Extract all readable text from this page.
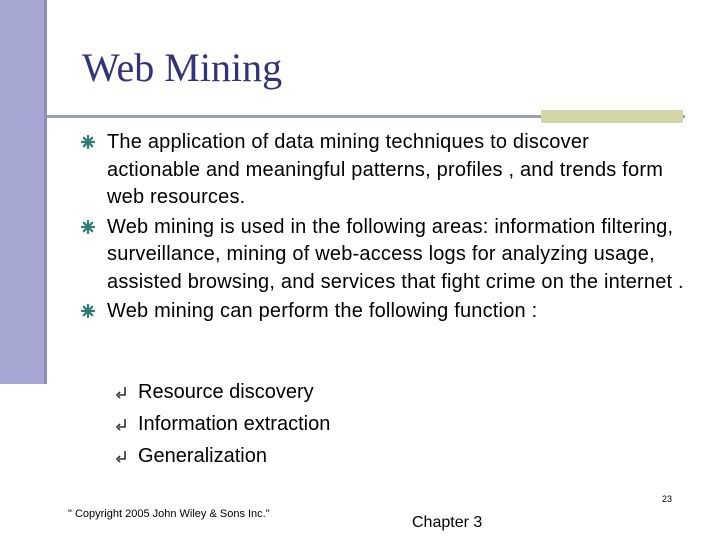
Web Mining
The application of data mining techniques to discover actionable and meaningful patterns, profiles , and trends form web resources.
Web mining is used in the following areas: information filtering, surveillance, mining of web-access logs for analyzing usage, assisted browsing, and services that fight crime on the internet .
Web mining can perform the following function :
Resource discovery
Information extraction
Generalization
23
" Copyright 2005 John Wiley & Sons Inc."	Chapter 3
